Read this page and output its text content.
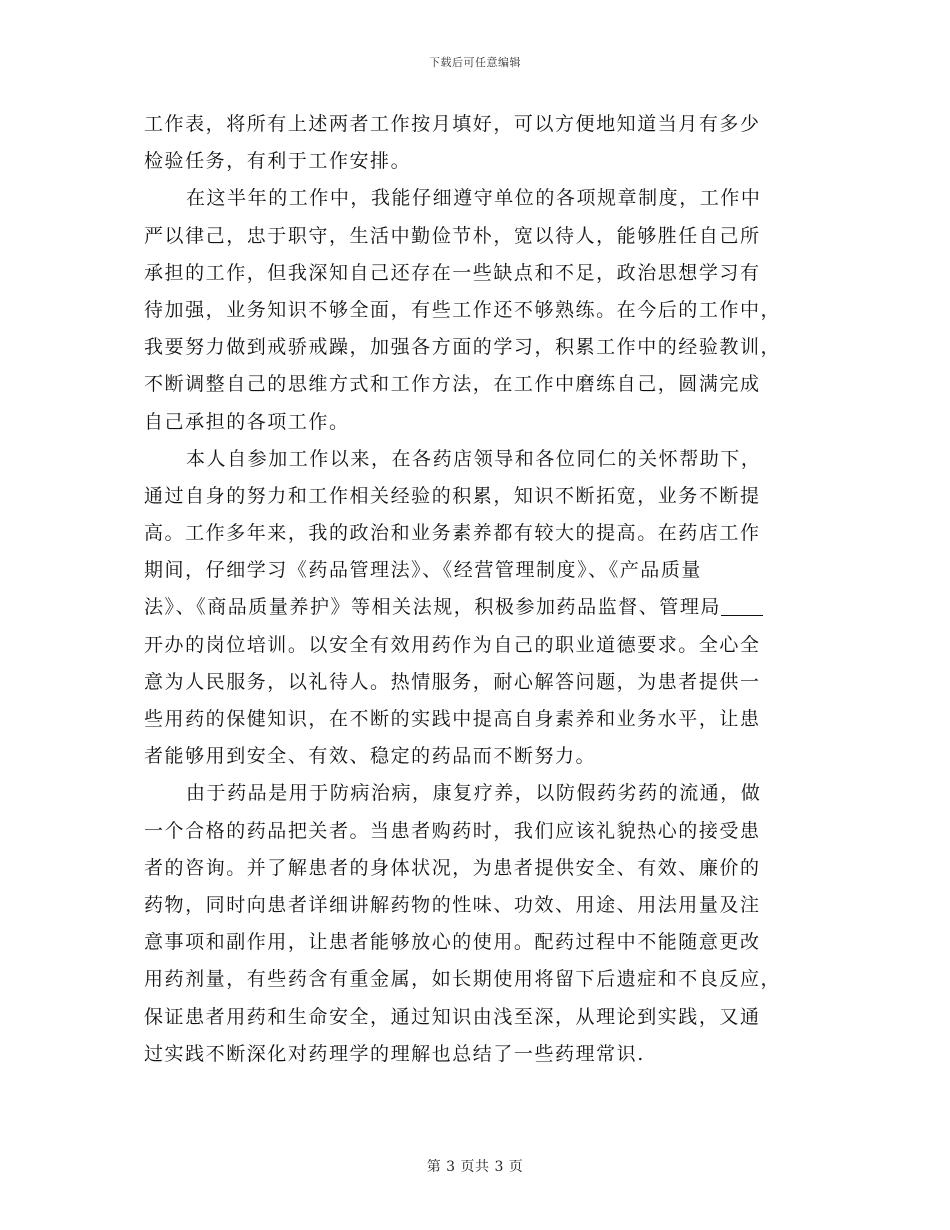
下载后可任意编辑
工作表，将所有上述两者工作按月填好，可以方便地知道当月有多少
检验任务，有利于工作安排。
在这半年的工作中，我能仔细遵守单位的各项规章制度，工作中
严以律己，忠于职守，生活中勤俭节朴，宽以待人，能够胜任自己所
承担的工作，但我深知自己还存在一些缺点和不足，政治思想学习有
待加强，业务知识不够全面，有些工作还不够熟练。在今后的工作中，
我要努力做到戒骄戒躁，加强各方面的学习，积累工作中的经验教训，
不断调整自己的思维方式和工作方法，在工作中磨练自己，圆满完成
自己承担的各项工作。
本人自参加工作以来，在各药店领导和各位同仁的关怀帮助下，
通过自身的努力和工作相关经验的积累，知识不断拓宽，业务不断提
高。工作多年来，我的政治和业务素养都有较大的提高。在药店工作
期间，仔细学习《药品管理法》、《经营管理制度》、《产品质量
法》、《商品质量养护》等相关法规，积极参加药品监督、管理局
开办的岗位培训。以安全有效用药作为自己的职业道德要求。全心全
意为人民服务，以礼待人。热情服务，耐心解答问题，为患者提供一
些用药的保健知识，在不断的实践中提高自身素养和业务水平，让患
者能够用到安全、有效、稳定的药品而不断努力。
由于药品是用于防病治病，康复疗养，以防假药劣药的流通，做
一个合格的药品把关者。当患者购药时，我们应该礼貌热心的接受患
者的咨询。并了解患者的身体状况，为患者提供安全、有效、廉价的
药物，同时向患者详细讲解药物的性味、功效、用途、用法用量及注
意事项和副作用，让患者能够放心的使用。配药过程中不能随意更改
用药剂量，有些药含有重金属，如长期使用将留下后遗症和不良反应，
保证患者用药和生命安全，通过知识由浅至深，从理论到实践，又通
过实践不断深化对药理学的理解也总结了一些药理常识.
第 3 页共 3 页
